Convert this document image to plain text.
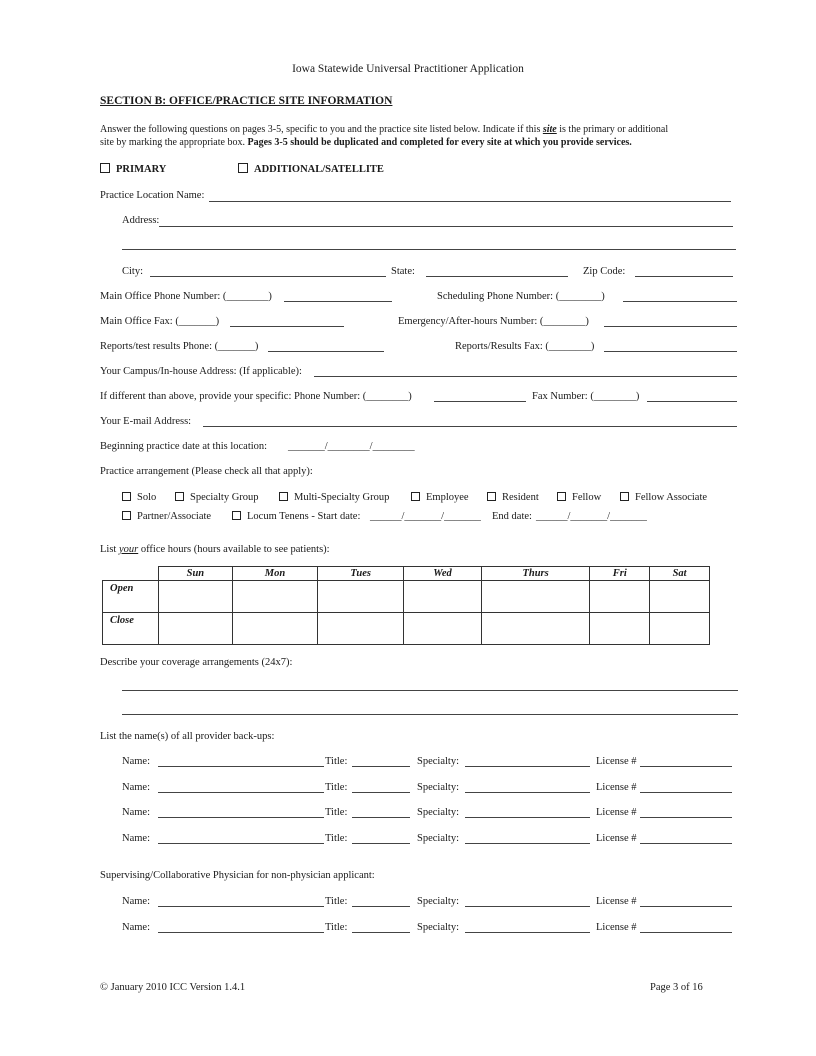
Iowa Statewide Universal Practitioner Application
SECTION B: OFFICE/PRACTICE SITE INFORMATION
Answer the following questions on pages 3-5, specific to you and the practice site listed below. Indicate if this site is the primary or additional
site by marking the appropriate box. Pages 3-5 should be duplicated and completed for every site at which you provide services.
PRIMARY	ADDITIONAL/SATELLITE
Practice Location Name:
Address:
City:	State:	Zip Code:
Main Office Phone Number: (________)	Scheduling Phone Number: (________)
Main Office Fax: (_______)	Emergency/After-hours Number: (________)
Reports/test results Phone: (_______)	Reports/Results Fax: (________)
Your Campus/In-house Address: (If applicable):
If different than above, provide your specific: Phone Number: (________)	Fax Number: (________)
Your E-mail Address:
Beginning practice date at this location: _______/________/________
Practice arrangement (Please check all that apply):
Solo	Specialty Group	Multi-Specialty Group	Employee	Resident	Fellow	Fellow Associate
Partner/Associate	Locum Tenens - Start date: ______/_______/_______ End date: ______/_______/_______
List your office hours (hours available to see patients):
	Sun	Mon	Tues	Wed	Thurs	Fri	Sat
Open							
Close							
Describe your coverage arrangements (24x7):
List the name(s) of all provider back-ups:
Name:	Title:	Specialty:	License #
Name:	Title:	Specialty:	License #
Name:	Title:	Specialty:	License #
Name:	Title:	Specialty:	License #
Supervising/Collaborative Physician for non-physician applicant:
Name:	Title:	Specialty:	License #
Name:	Title:	Specialty:	License #
© January 2010 ICC Version 1.4.1	Page 3 of 16
